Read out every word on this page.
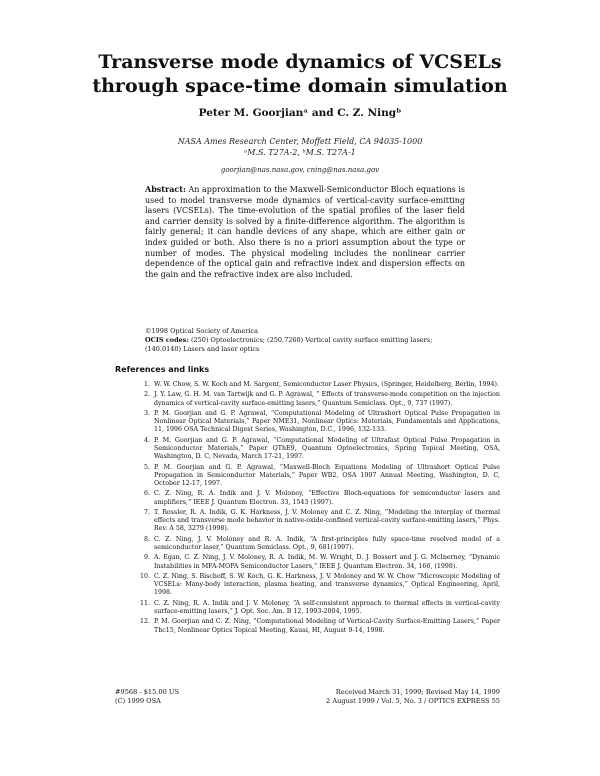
Transverse mode dynamics of VCSELs
through space-time domain simulation
Peter M. Goorjianᵃ and C. Z. Ningᵇ
NASA Ames Research Center, Moffett Field, CA 94035-1000
ᵃM.S. T27A-2, ᵇM.S. T27A-1
goorjian@nas.nasa.gov, cning@nas.nasa.gov
Abstract: An approximation to the Maxwell-Semiconductor Bloch equations is used to model transverse mode dynamics of vertical-cavity surface-emitting lasers (VCSELs). The time-evolution of the spatial profiles of the laser field and carrier density is solved by a finite-difference algorithm. The algorithm is fairly general; it can handle devices of any shape, which are either gain or index guided or both. Also there is no a priori assumption about the type or number of modes. The physical modeling includes the nonlinear carrier dependence of the optical gain and refractive index and dispersion effects on the gain and the refractive index are also included.
©1998 Optical Society of America
OCIS codes: (250) Optoelectronics; (250.7260) Vertical cavity surface emitting lasers; (140.0140) Lasers and laser optics
References and links
1. W. W. Chow, S. W. Koch and M. Sargent, Semiconductor Laser Physics, (Springer, Heidelberg, Berlin, 1994).
2. J. Y. Law, G. H. M. van Tartwijk and G. P. Agrawal, “ Effects of transverse-mode competition on the injection dynamics of vertical-cavity surface-emitting lasers,” Quantum Semiclass. Opt., 9, 737 (1997).
3. P. M. Goorjian and G. P. Agrawal, “Computational Modeling of Ultrashort Optical Pulse Propagation in Nonlinear Optical Materials,” Paper NME31, Nonlinear Optics: Materials, Fundamentals and Applications, 11, 1996 OSA Technical Digest Series, Washington, D.C., 1996, 132-133.
4. P. M. Goorjian and G. P. Agrawal, “Computational Modeling of Ultrafast Optical Pulse Propagation in Semiconductor Materials,” Paper QThE9, Quantum Optoelectronics, Spring Topical Meeting, OSA, Washington, D. C, Nevada, March 17-21, 1997.
5. P. M. Goorjian and G. P. Agrawal, “Maxwell-Bloch Equations Modeling of Ultrashort Optical Pulse Propagation in Semiconductor Materials,” Paper WB2, OSA 1997 Annual Meeting, Washington, D. C, October 12-17, 1997.
6. C. Z. Ning, R. A. Indik and J. V. Moloney, “Effective Bloch-equations for semiconductor lasers and amplifiers,” IEEE J. Quantum Electron. 33, 1543 (1997).
7. T. Rossler, R. A. Indik, G. K. Harkness, J. V. Moloney and C. Z. Ning, “Modeling the interplay of thermal effects and transverse mode behavior in native-oxide-confined vertical-cavity surface-emitting lasers,” Phys. Rev. A 58, 3279 (1998).
8. C. Z. Ning, J. V. Moloney and R. A. Indik, “A first-principles fully space-time resolved model of a semiconductor laser,” Quantum Semiclass. Opt., 9, 681(1997).
9. A. Egan, C. Z. Ning, J. V. Moloney, R. A. Indik, M. W. Wright, D. J. Bossert and J. G. McInerney, “Dynamic Instabilities in MFA-MOPA Semiconductor Lasers,” IEEE J. Quantum Electron. 34, 166, (1998).
10. C. Z. Ning, S. Bischoff, S. W. Koch, G. K. Harkness, J. V. Moloney and W. W. Chow “Microscopic Modeling of VCSELs: Many-body interaction, plasma heating, and transverse dynamics,” Optical Engineering, April, 1998.
11. C. Z. Ning, R. A. Indik and J. V. Moloney, “A self-consistent approach to thermal effects in vertical-cavity surface-emitting lasers,” J. Opt. Soc. Am. B 12, 1993-2004, 1995.
12. P. M. Goorjian and C. Z. Ning, “Computational Modeling of Vertical-Cavity Surface-Emitting Lasers,” Paper Thc15, Nonlinear Optics Topical Meeting, Kauai, HI, August 9-14, 1998.
#9568 - $15.00 US	Received March 31, 1999; Revised May 14, 1999
(C) 1999 OSA	2 August 1999 / Vol. 5, No. 3 / OPTICS EXPRESS 55
